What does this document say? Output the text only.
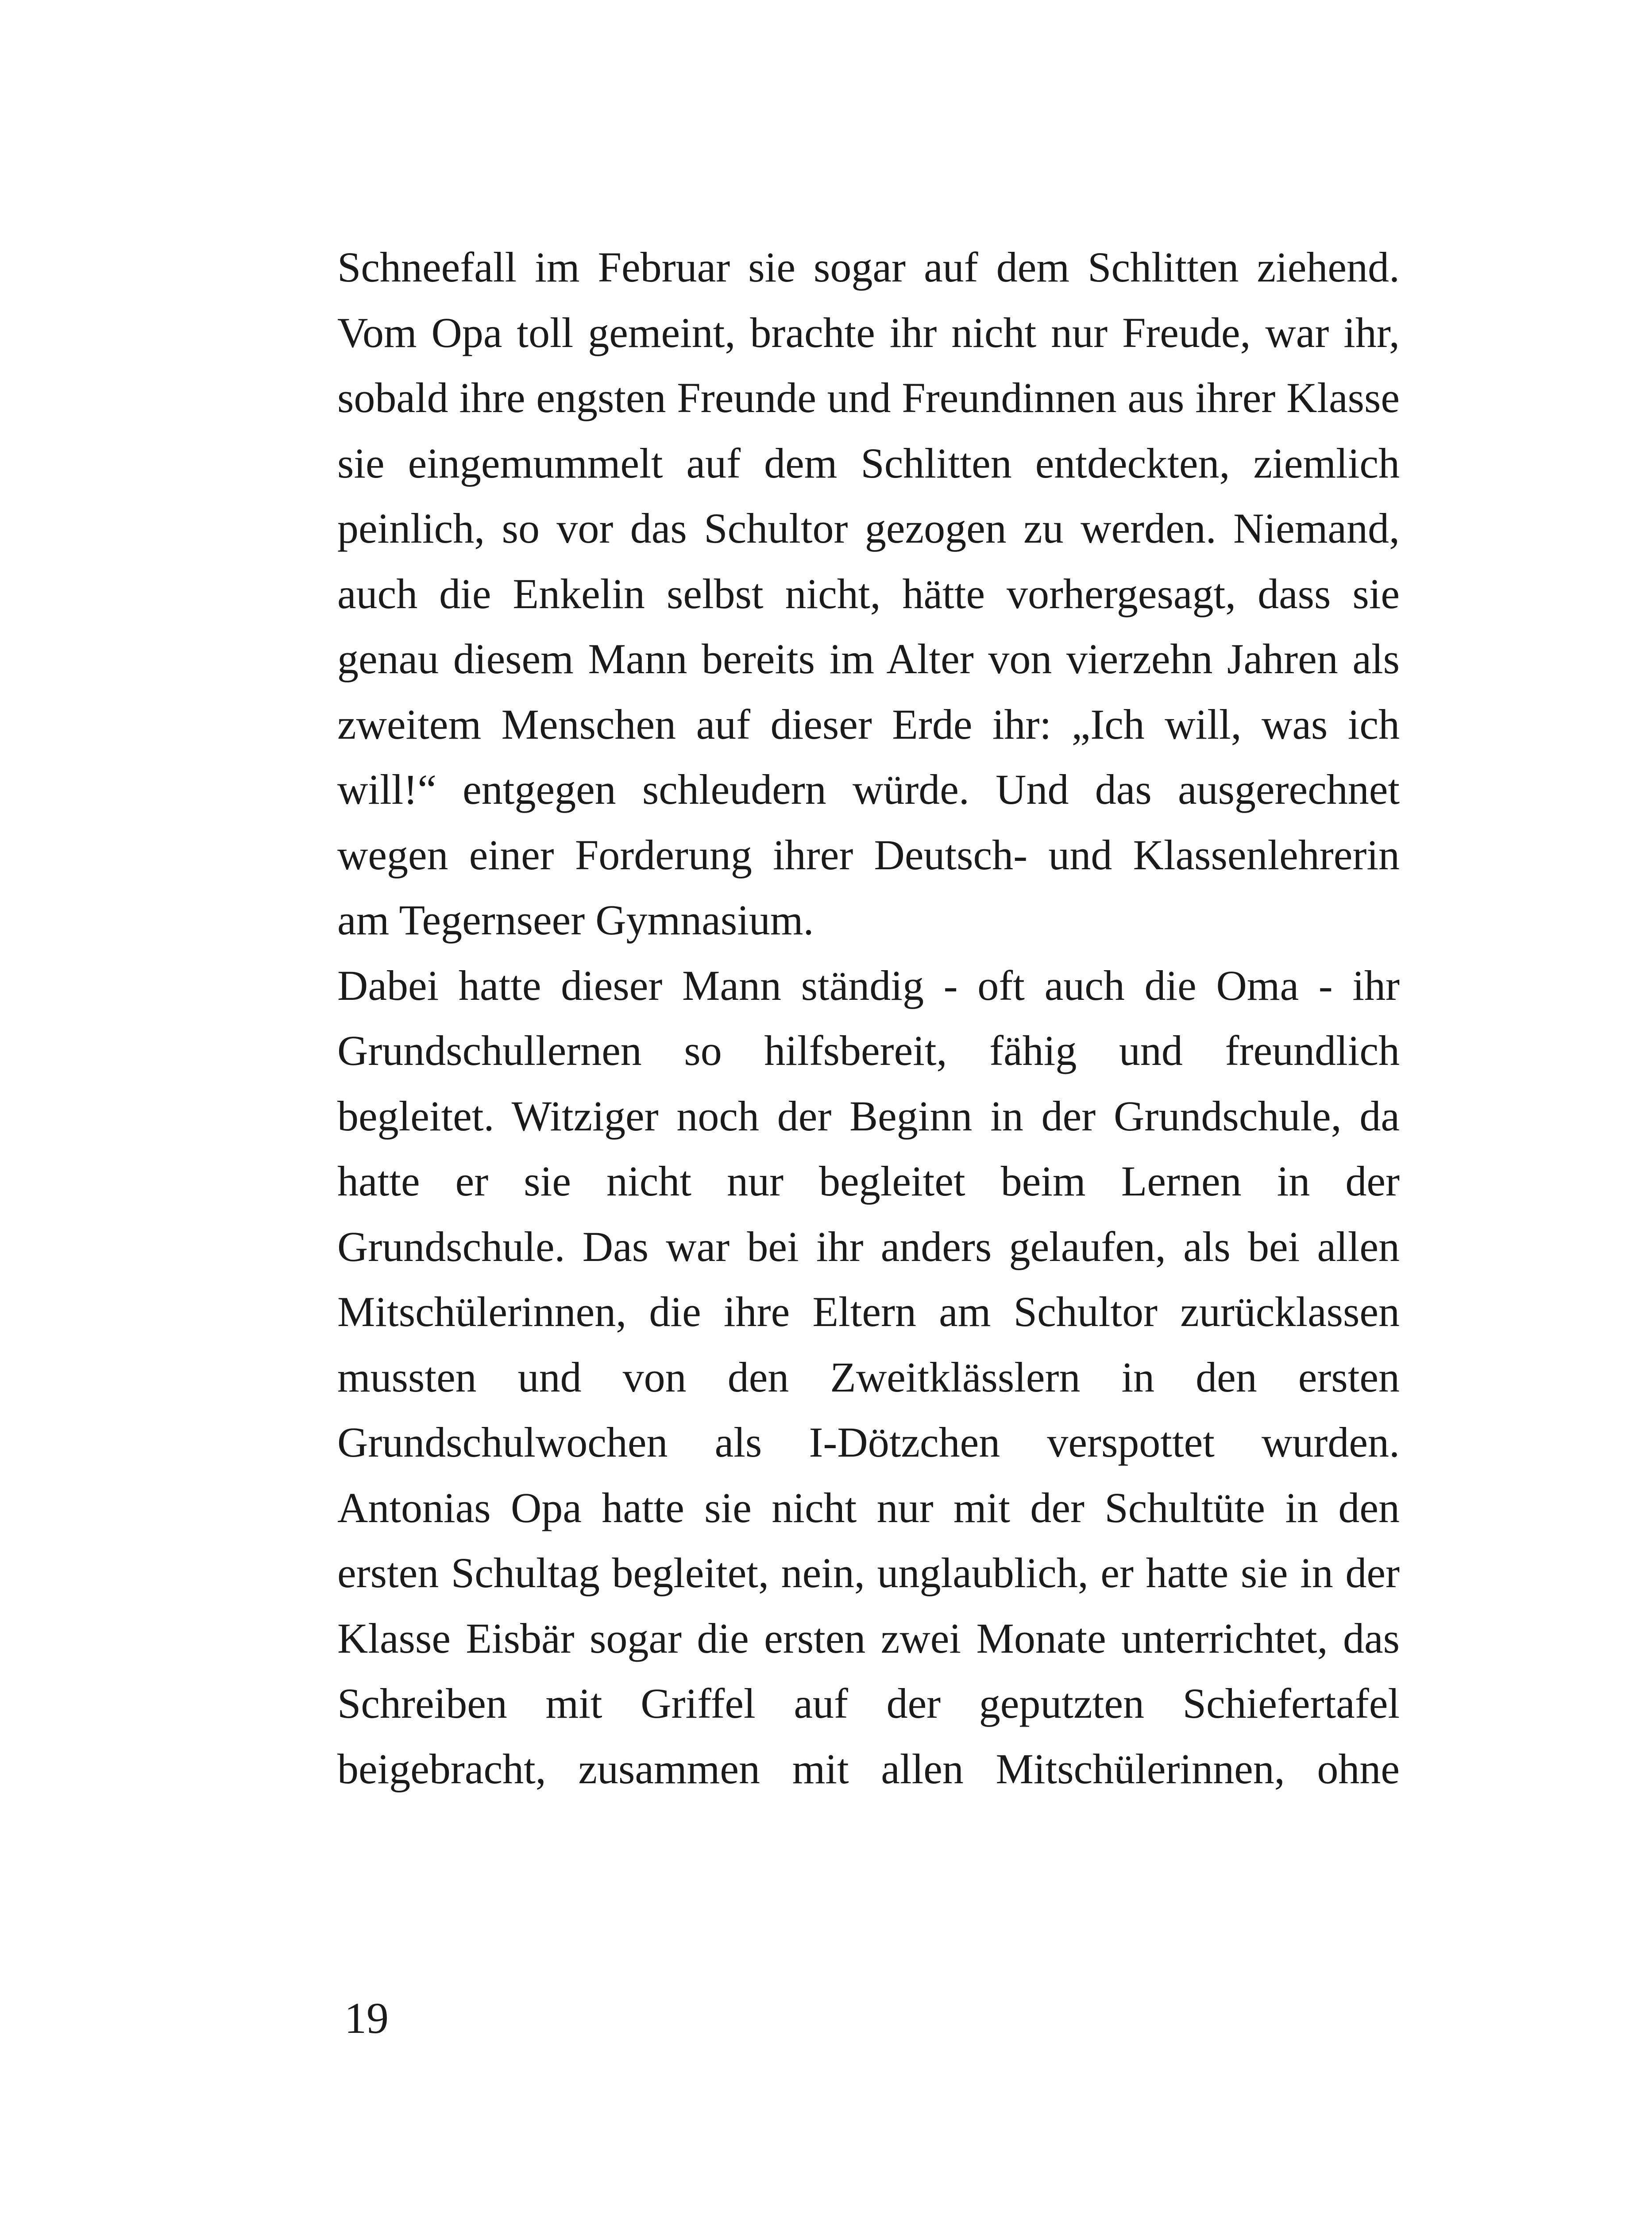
Schneefall im Februar sie sogar auf dem Schlitten ziehend.
Vom Opa toll gemeint, brachte ihr nicht nur Freude, war ihr,
sobald ihre engsten Freunde und Freundinnen aus ihrer Klasse
sie eingemummelt auf dem Schlitten entdeckten, ziemlich
peinlich, so vor das Schultor gezogen zu werden. Niemand,
auch die Enkelin selbst nicht, hätte vorhergesagt, dass sie
genau diesem Mann bereits im Alter von vierzehn Jahren als
zweitem Menschen auf dieser Erde ihr: „Ich will, was ich
will!“ entgegen schleudern würde. Und das ausgerechnet
wegen einer Forderung ihrer Deutsch- und Klassenlehrerin
am Tegernseer Gymnasium.
Dabei hatte dieser Mann ständig - oft auch die Oma - ihr
Grundschullernen so hilfsbereit, fähig und freundlich
begleitet. Witziger noch der Beginn in der Grundschule, da
hatte er sie nicht nur begleitet beim Lernen in der
Grundschule. Das war bei ihr anders gelaufen, als bei allen
Mitschülerinnen, die ihre Eltern am Schultor zurücklassen
mussten und von den Zweitklässlern in den ersten
Grundschulwochen als I-Dötzchen verspottet wurden.
Antonias Opa hatte sie nicht nur mit der Schultüte in den
ersten Schultag begleitet, nein, unglaublich, er hatte sie in der
Klasse Eisbär sogar die ersten zwei Monate unterrichtet, das
Schreiben mit Griffel auf der geputzten Schiefertafel
beigebracht, zusammen mit allen Mitschülerinnen, ohne
19
